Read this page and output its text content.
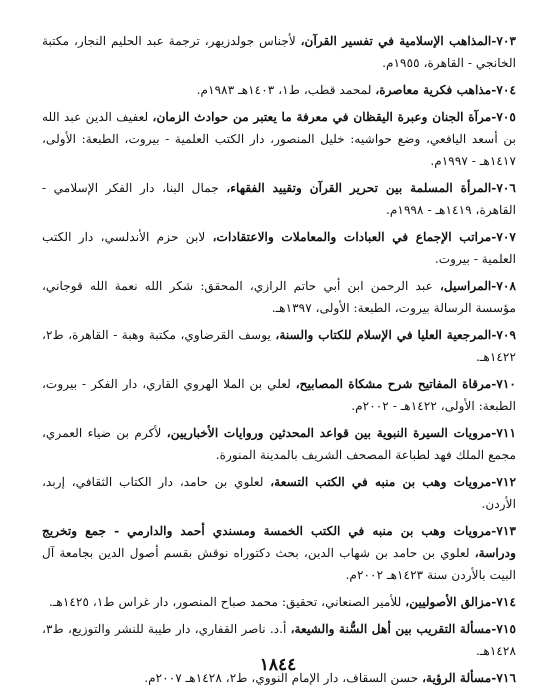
٧٠٣-المذاهب الإسلامية في تفسير القرآن، لأجناس جولدزيهر، ترجمة عبد الحليم النجار، مكتبة الخانجي - القاهرة، ١٩٥٥م.
٧٠٤-مذاهب فكرية معاصرة، لمحمد قطب، ط١، ١٤٠٣هـ ١٩٨٣م.
٧٠٥-مرآة الجنان وعبرة اليقظان في معرفة ما يعتبر من حوادث الزمان، لعفيف الدين عبد الله بن أسعد اليافعي، وضع حواشيه: خليل المنصور، دار الكتب العلمية - بيروت، الطبعة: الأولى، ١٤١٧هـ - ١٩٩٧م.
٧٠٦-المرأة المسلمة بين تحرير القرآن وتقييد الفقهاء، جمال البنا، دار الفكر الإسلامي - القاهرة، ١٤١٩هـ - ١٩٩٨م.
٧٠٧-مراتب الإجماع في العبادات والمعاملات والاعتقادات، لابن حزم الأندلسي، دار الكتب العلمية - بيروت.
٧٠٨-المراسيل، عبد الرحمن ابن أبي حاتم الرازي، المحقق: شكر الله نعمة الله قوجاني، مؤسسة الرسالة بيروت، الطبعة: الأولى، ١٣٩٧هـ.
٧٠٩-المرجعية العليا في الإسلام للكتاب والسنة، يوسف القرضاوي، مكتبة وهبة - القاهرة، ط٢، ١٤٢٢هـ.
٧١٠-مرقاة المفاتيح شرح مشكاة المصابيح، لعلي بن الملا الهروي القاري، دار الفكر - بيروت، الطبعة: الأولى، ١٤٢٢هـ - ٢٠٠٢م.
٧١١-مرويات السيرة النبوية بين قواعد المحدثين وروايات الأخباريين، لأكرم بن ضياء العمري، مجمع الملك فهد لطباعة المصحف الشريف بالمدينة المنورة.
٧١٢-مرويات وهب بن منبه في الكتب التسعة، لعلوي بن حامد، دار الكتاب الثقافي، إربد، الأردن.
٧١٣-مرويات وهب بن منبه في الكتب الخمسة ومسندي أحمد والدارمي - جمع وتخريج ودراسة، لعلوي بن حامد بن شهاب الدين، بحث دكتوراه نوقش بقسم أصول الدين بجامعة آل البيت بالأردن سنة ١٤٢٣هـ ٢٠٠٢م.
٧١٤-مزالق الأصوليين، للأمير الصنعاني، تحقيق: محمد صباح المنصور، دار غراس ط١، ١٤٢٥هـ.
٧١٥-مسألة التقريب بين أهل السُّنة والشيعة، أ.د. ناصر القفاري، دار طيبة للنشر والتوزيع، ط٣، ١٤٢٨هـ.
٧١٦-مسألة الرؤية، حسن السقاف، دار الإمام النووي، ط٢، ١٤٢٨هـ ٢٠٠٧م.
١٨٤٤
